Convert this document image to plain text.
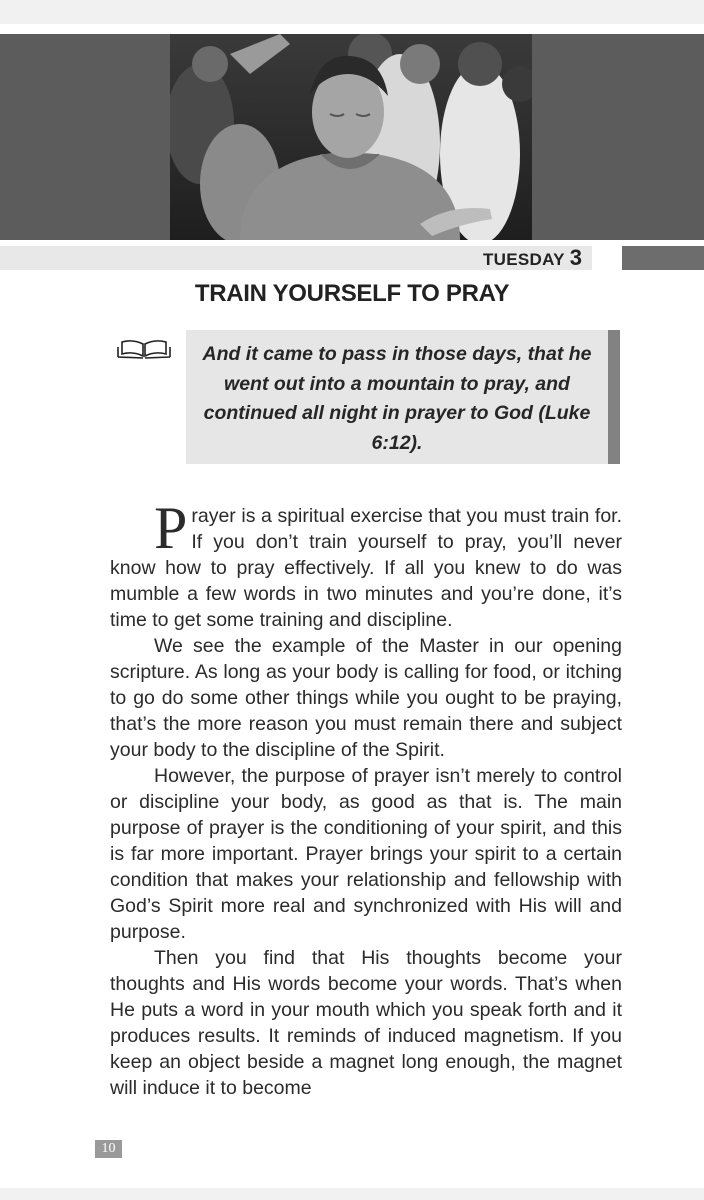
TUESDAY 3
TRAIN YOURSELF TO PRAY

And it came to pass in those days, that he went out into a mountain to pray, and continued all night in prayer to God (Luke 6:12).

Prayer is a spiritual exercise that you must train for. If you don’t train yourself to pray, you’ll never know how to pray effectively. If all you knew to do was mumble a few words in two minutes and you’re done, it’s time to get some training and discipline.

We see the example of the Master in our opening scripture. As long as your body is calling for food, or itching to go do some other things while you ought to be praying, that’s the more reason you must remain there and subject your body to the discipline of the Spirit.

However, the purpose of prayer isn’t merely to control or discipline your body, as good as that is. The main purpose of prayer is the conditioning of your spirit, and this is far more important. Prayer brings your spirit to a certain condition that makes your relationship and fellowship with God’s Spirit more real and synchronized with His will and purpose.

Then you find that His thoughts become your thoughts and His words become your words. That’s when He puts a word in your mouth which you speak forth and it produces results. It reminds of induced magnetism. If you keep an object beside a magnet long enough, the magnet will induce it to become

10
